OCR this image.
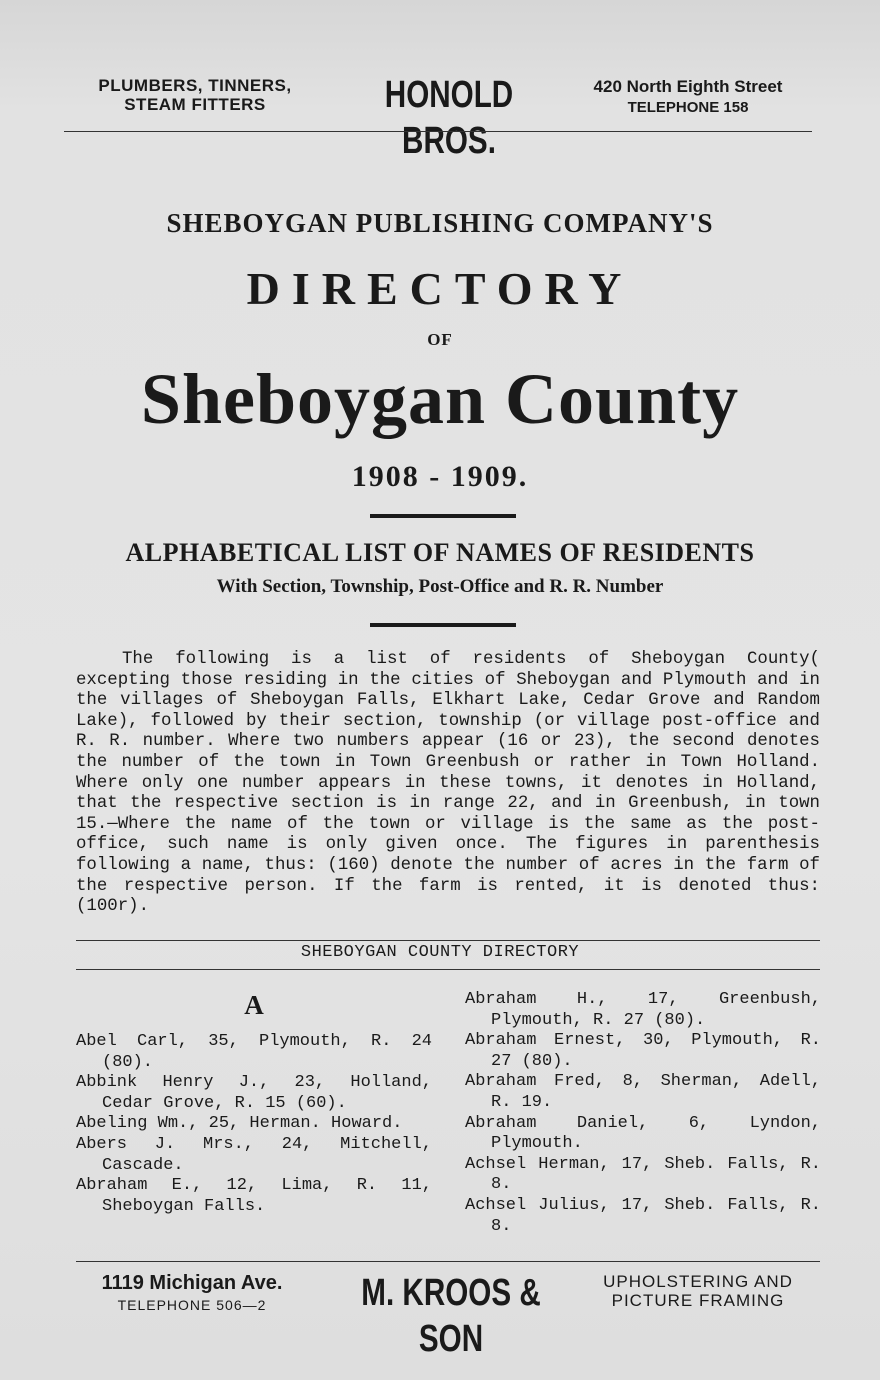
PLUMBERS, TINNERS,
STEAM FITTERS	HONOLD BROS.
420 North Eighth Street
TELEPHONE 158
SHEBOYGAN PUBLISHING COMPANY'S
DIRECTORY
OF
Sheboygan County
1908 - 1909.
ALPHABETICAL LIST OF NAMES OF RESIDENTS
With Section, Township, Post-Office and R. R. Number

The following is a list of residents of Sheboygan County( excepting those residing in the cities of Sheboygan and Plymouth and in the villages of Sheboygan Falls, Elkhart Lake, Cedar Grove and Random Lake), followed by their section, township (or village post-office and R. R. number. Where two numbers appear (16 or 23), the second denotes the number of the town in Town Greenbush or rather in Town Holland. Where only one number appears in these towns, it denotes in Holland, that the respective section is in range 22, and in Greenbush, in town 15.—Where the name of the town or village is the same as the post-office, such name is only given once. The figures in parenthesis following a name, thus: (160) denote the number of acres in the farm of the respective person. If the farm is rented, it is denoted thus: (100r).

SHEBOYGAN COUNTY DIRECTORY
A

Abel Carl, 35, Plymouth, R. 24 (80).

Abbink Henry J., 23, Holland, Cedar Grove, R. 15 (60).

Abeling Wm., 25, Herman. Howard.

Abers J. Mrs., 24, Mitchell, Cascade.

Abraham E., 12, Lima, R. 11, Sheboygan Falls.

Abraham H., 17, Greenbush, Plymouth, R. 27 (80).

Abraham Ernest, 30, Plymouth, R. 27 (80).

Abraham Fred, 8, Sherman, Adell, R. 19.

Abraham Daniel, 6, Lyndon, Plymouth.

Achsel Herman, 17, Sheb. Falls, R. 8.

Achsel Julius, 17, Sheb. Falls, R. 8.

1119 Michigan Ave.
TELEPHONE 506—2	M. KROOS & SON
UPHOLSTERING AND
PICTURE FRAMING
